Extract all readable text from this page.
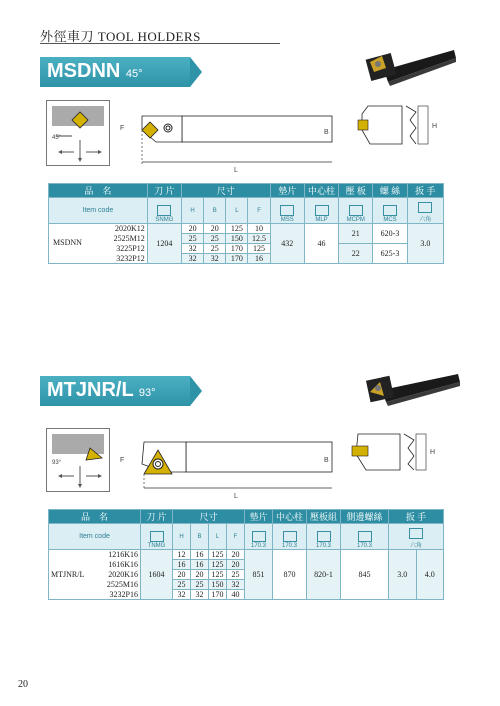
外徑車刀 TOOL HOLDERS
MSDNN 45°
45°
L
F
B
H
品　名	刀 片	尺寸				墊片	中心柱	壓 板	螺 絲	扳 手
Item code	SNMG	H	B	L	F	MSS	MLP	MCPM	MCS	六角
2020K12	1204	20	20	125	10	432	46	21	620-3	3.0

MSDNN 2525M12		25	25	150	12.5					
3225P12		32	25	170	125			22	625-3	
3232P12		32	32	170	16					
MTJNR/L 93°
93°
L
F	B
H
品　名	刀 片	尺寸				墊片	中心柱	壓板組	側邊螺絲	扳 手	
Item code	TNMG	H	B	L	F	170.3	170.3	170.3	170.3	六角	
1216K16	1604	12	16	125	20	851	870	820-1	845	3.0	4.0
1616K16		16	16	125	20						

MTJNR/L 2020K16		20	20	125	25						
2525M16		25	25	150	32						
3232P16		32	32	170	40						
20
